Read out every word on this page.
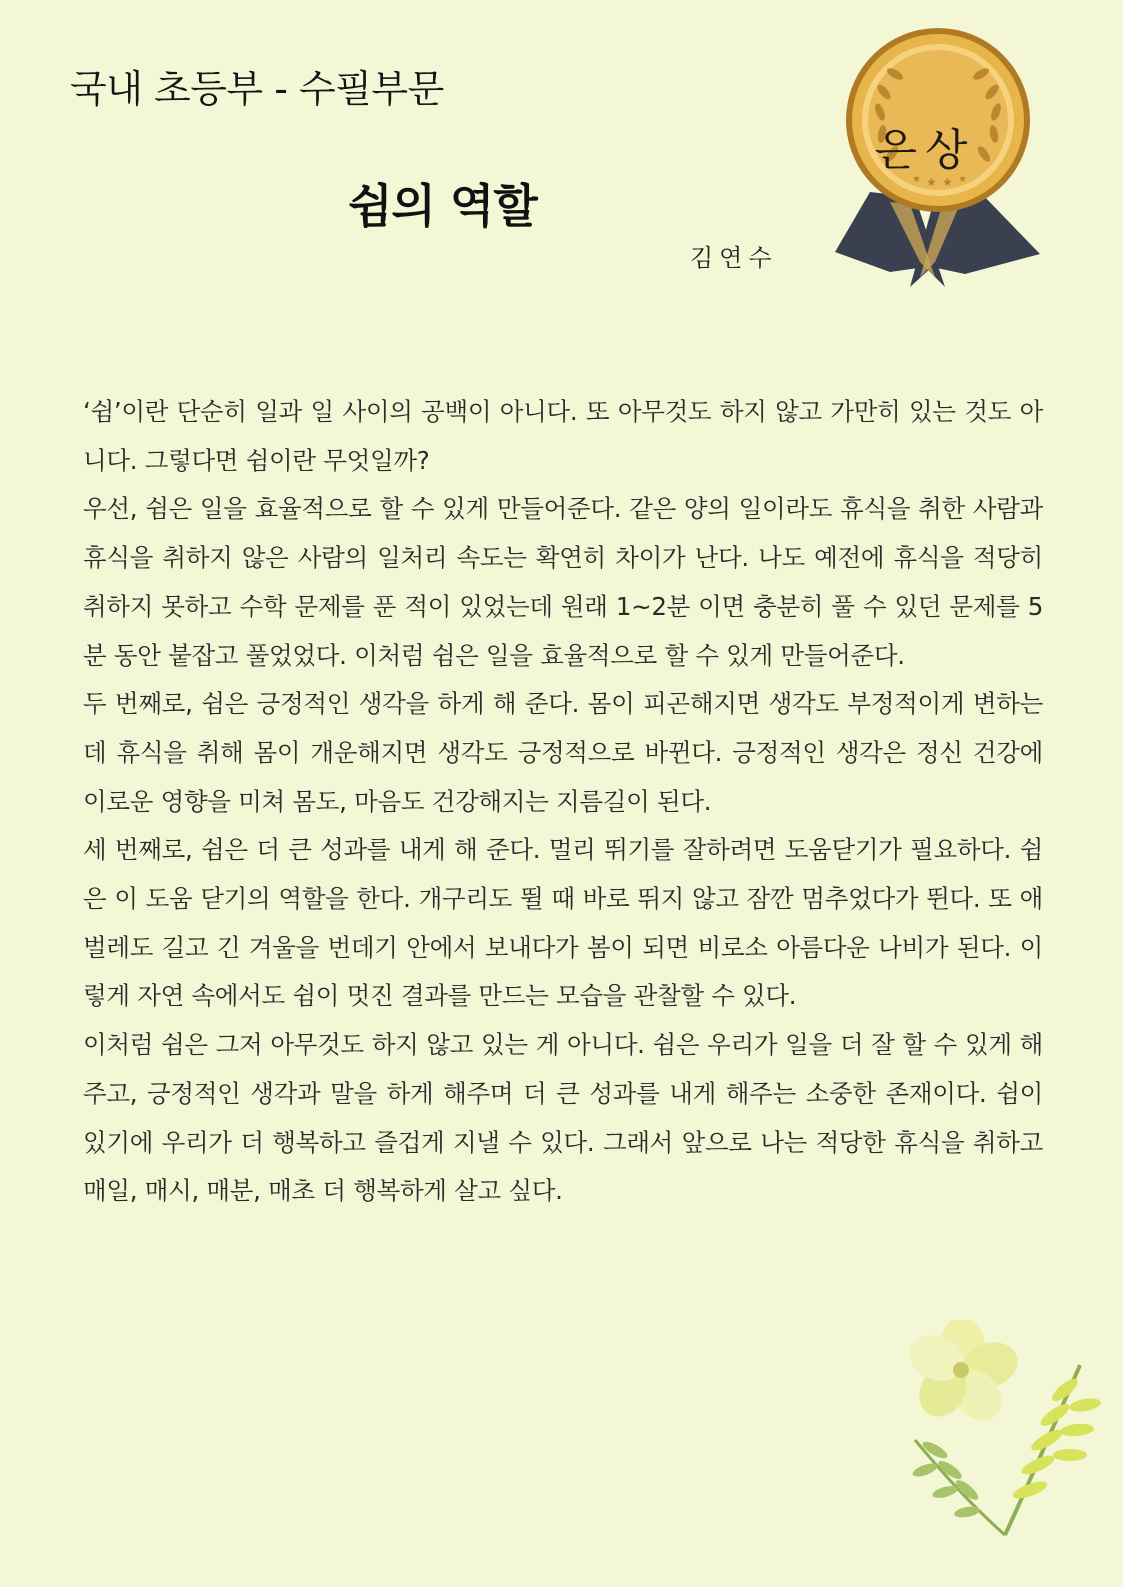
국내 초등부 - 수필부문
쉼의 역할
김연수
★ ★ ★ ★
은상

‘쉼’이란 단순히 일과 일 사이의 공백이 아니다. 또 아무것도 하지 않고 가만히 있는 것도 아니다. 그렇다면 쉼이란 무엇일까?

우선, 쉼은 일을 효율적으로 할 수 있게 만들어준다. 같은 양의 일이라도 휴식을 취한 사람과 휴식을 취하지 않은 사람의 일처리 속도는 확연히 차이가 난다. 나도 예전에 휴식을 적당히 취하지 못하고 수학 문제를 푼 적이 있었는데 원래 1~2분 이면 충분히 풀 수 있던 문제를 5분 동안 붙잡고 풀었었다. 이처럼 쉼은 일을 효율적으로 할 수 있게 만들어준다.

두 번째로, 쉼은 긍정적인 생각을 하게 해 준다. 몸이 피곤해지면 생각도 부정적이게 변하는데 휴식을 취해 몸이 개운해지면 생각도 긍정적으로 바뀐다. 긍정적인 생각은 정신 건강에 이로운 영향을 미쳐 몸도, 마음도 건강해지는 지름길이 된다.

세 번째로, 쉼은 더 큰 성과를 내게 해 준다. 멀리 뛰기를 잘하려면 도움닫기가 필요하다. 쉼은 이 도움 닫기의 역할을 한다. 개구리도 뛸 때 바로 뛰지 않고 잠깐 멈추었다가 뛴다. 또 애벌레도 길고 긴 겨울을 번데기 안에서 보내다가 봄이 되면 비로소 아름다운 나비가 된다. 이렇게 자연 속에서도 쉼이 멋진 결과를 만드는 모습을 관찰할 수 있다.

이처럼 쉼은 그저 아무것도 하지 않고 있는 게 아니다. 쉼은 우리가 일을 더 잘 할 수 있게 해주고, 긍정적인 생각과 말을 하게 해주며 더 큰 성과를 내게 해주는 소중한 존재이다. 쉼이 있기에 우리가 더 행복하고 즐겁게 지낼 수 있다. 그래서 앞으로 나는 적당한 휴식을 취하고 매일, 매시, 매분, 매초 더 행복하게 살고 싶다.
